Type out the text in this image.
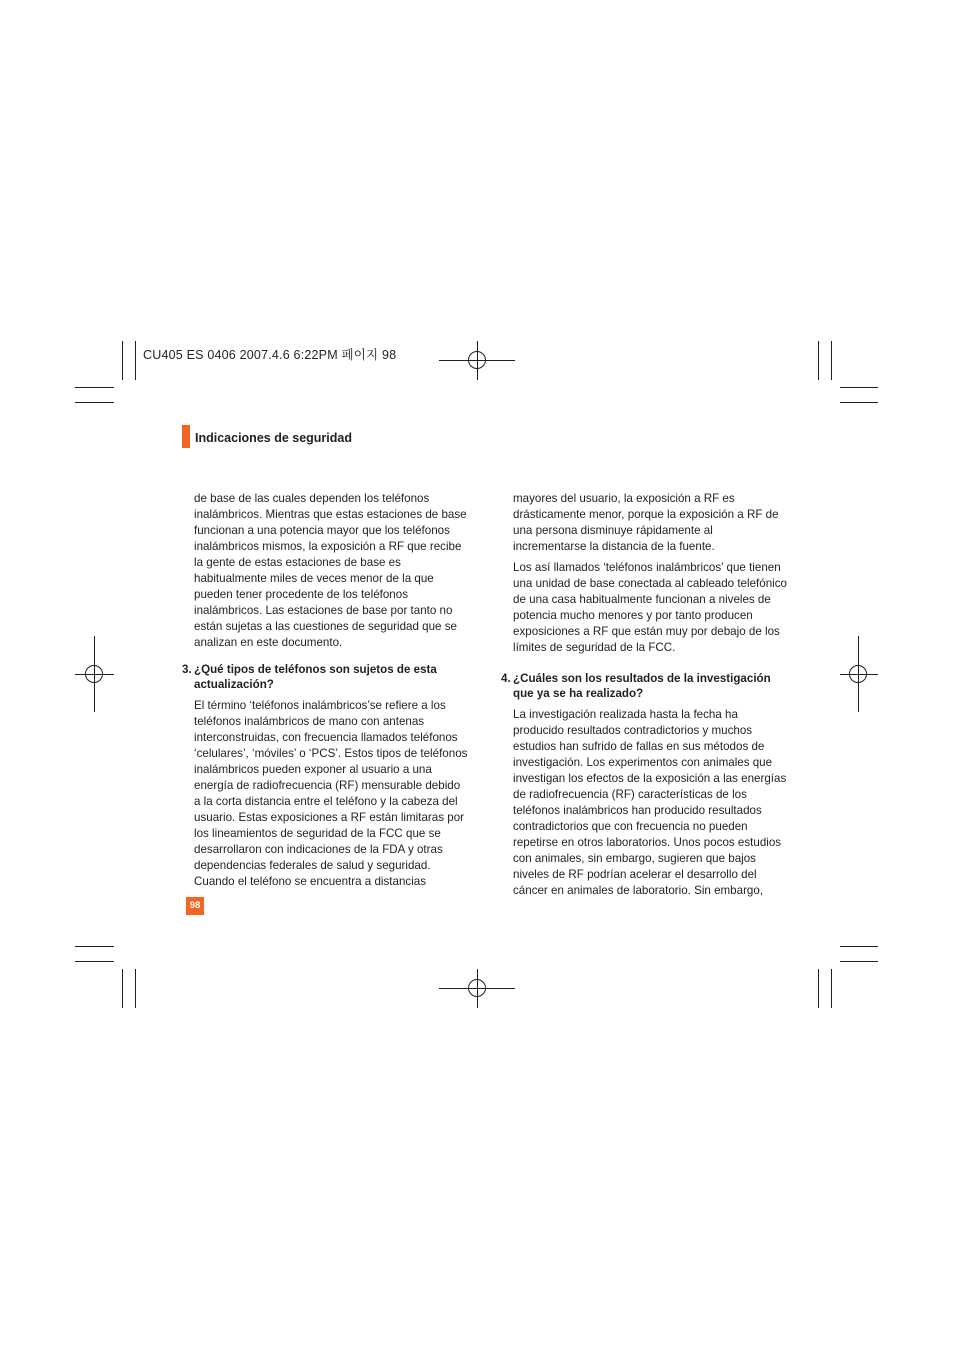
CU405 ES 0406 2007.4.6 6:22PM 페이지 98
Indicaciones de seguridad

de base de las cuales dependen los teléfonos inalámbricos. Mientras que estas estaciones de base funcionan a una potencia mayor que los teléfonos inalámbricos mismos, la exposición a RF que recibe la gente de estas estaciones de base es habitualmente miles de veces menor de la que pueden tener procedente de los teléfonos inalámbricos. Las estaciones de base por tanto no están sujetas a las cuestiones de seguridad que se analizan en este documento.

3. ¿Qué tipos de teléfonos son sujetos de esta actualización?

El término ‘teléfonos inalámbricos’se refiere a los teléfonos inalámbricos de mano con antenas interconstruidas, con frecuencia llamados teléfonos ‘celulares’, ‘móviles’ o ‘PCS’. Estos tipos de teléfonos inalámbricos pueden exponer al usuario a una energía de radiofrecuencia (RF) mensurable debido a la corta distancia entre el teléfono y la cabeza del usuario. Estas exposiciones a RF están limitaras por los lineamientos de seguridad de la FCC que se desarrollaron con indicaciones de la FDA y otras dependencias federales de salud y seguridad. Cuando el teléfono se encuentra a distancias

mayores del usuario, la exposición a RF es drásticamente menor, porque la exposición a RF de una persona disminuye rápidamente al incrementarse la distancia de la fuente.

Los así llamados ‘teléfonos inalámbricos’ que tienen una unidad de base conectada al cableado telefónico de una casa habitualmente funcionan a niveles de potencia mucho menores y por tanto producen exposiciones a RF que están muy por debajo de los límites de seguridad de la FCC.

4. ¿Cuáles son los resultados de la investigación que ya se ha realizado?

La investigación realizada hasta la fecha ha producido resultados contradictorios y muchos estudios han sufrido de fallas en sus métodos de investigación. Los experimentos con animales que investigan los efectos de la exposición a las energías de radiofrecuencia (RF) características de los teléfonos inalámbricos han producido resultados contradictorios que con frecuencia no pueden repetirse en otros laboratorios. Unos pocos estudios con animales, sin embargo, sugieren que bajos niveles de RF podrían acelerar el desarrollo del cáncer en animales de laboratorio. Sin embargo,

98
